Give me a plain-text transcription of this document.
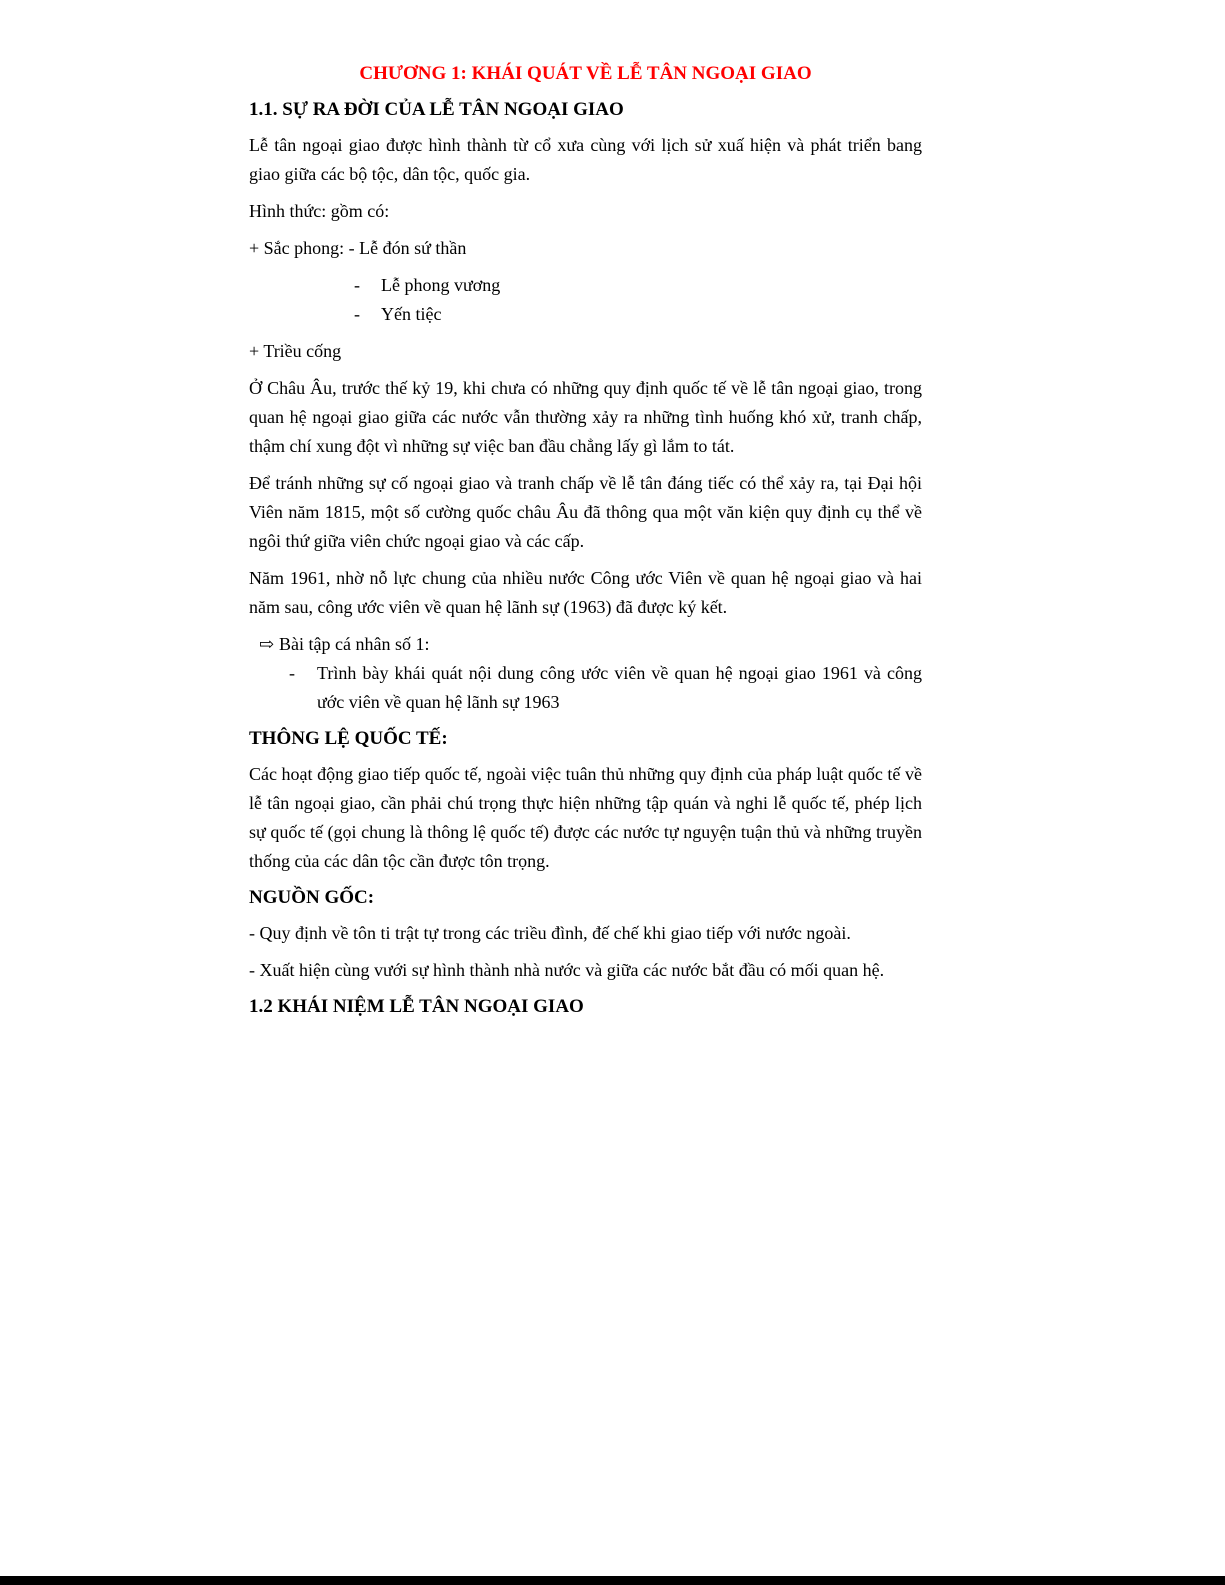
CHƯƠNG 1: KHÁI QUÁT VỀ LỄ TÂN NGOẠI GIAO
1.1. SỰ RA ĐỜI CỦA LỄ TÂN NGOẠI GIAO

Lễ tân ngoại giao được hình thành từ cổ xưa cùng với lịch sử xuấ hiện và phát triển bang giao giữa các bộ tộc, dân tộc, quốc gia.

Hình thức: gồm có:
+ Sắc phong: - Lễ đón sứ thần
- Lễ phong vương
- Yến tiệc
+ Triều cống

Ở Châu Âu, trước thế kỷ 19, khi chưa có những quy định quốc tế về lễ tân ngoại giao, trong quan hệ ngoại giao giữa các nước vẫn thường xảy ra những tình huống khó xử, tranh chấp, thậm chí xung đột vì những sự việc ban đầu chẳng lấy gì lắm to tát.

Để tránh những sự cố ngoại giao và tranh chấp về lễ tân đáng tiếc có thể xảy ra, tại Đại hội Viên năm 1815, một số cường quốc châu Âu đã thông qua một văn kiện quy định cụ thể về ngôi thứ giữa viên chức ngoại giao và các cấp.

Năm 1961, nhờ nỗ lực chung của nhiều nước Công ước Viên về quan hệ ngoại giao và hai năm sau, công ước viên về quan hệ lãnh sự (1963) đã được ký kết.

⇨ Bài tập cá nhân số 1:
- Trình bày khái quát nội dung công ước viên về quan hệ ngoại giao 1961 và công ước viên về quan hệ lãnh sự 1963
THÔNG LỆ QUỐC TẾ:

Các hoạt động giao tiếp quốc tế, ngoài việc tuân thủ những quy định của pháp luật quốc tế về lễ tân ngoại giao, cần phải chú trọng thực hiện những tập quán và nghi lễ quốc tế, phép lịch sự quốc tế (gọi chung là thông lệ quốc tế) được các nước tự nguyện tuận thủ và những truyền thống của các dân tộc cần được tôn trọng.

NGUỒN GỐC:

- Quy định về tôn ti trật tự trong các triều đình, đế chế khi giao tiếp với nước ngoài.

- Xuất hiện cùng vưới sự hình thành nhà nước và giữa các nước bắt đầu có mối quan hệ.

1.2 KHÁI NIỆM LỄ TÂN NGOẠI GIAO
